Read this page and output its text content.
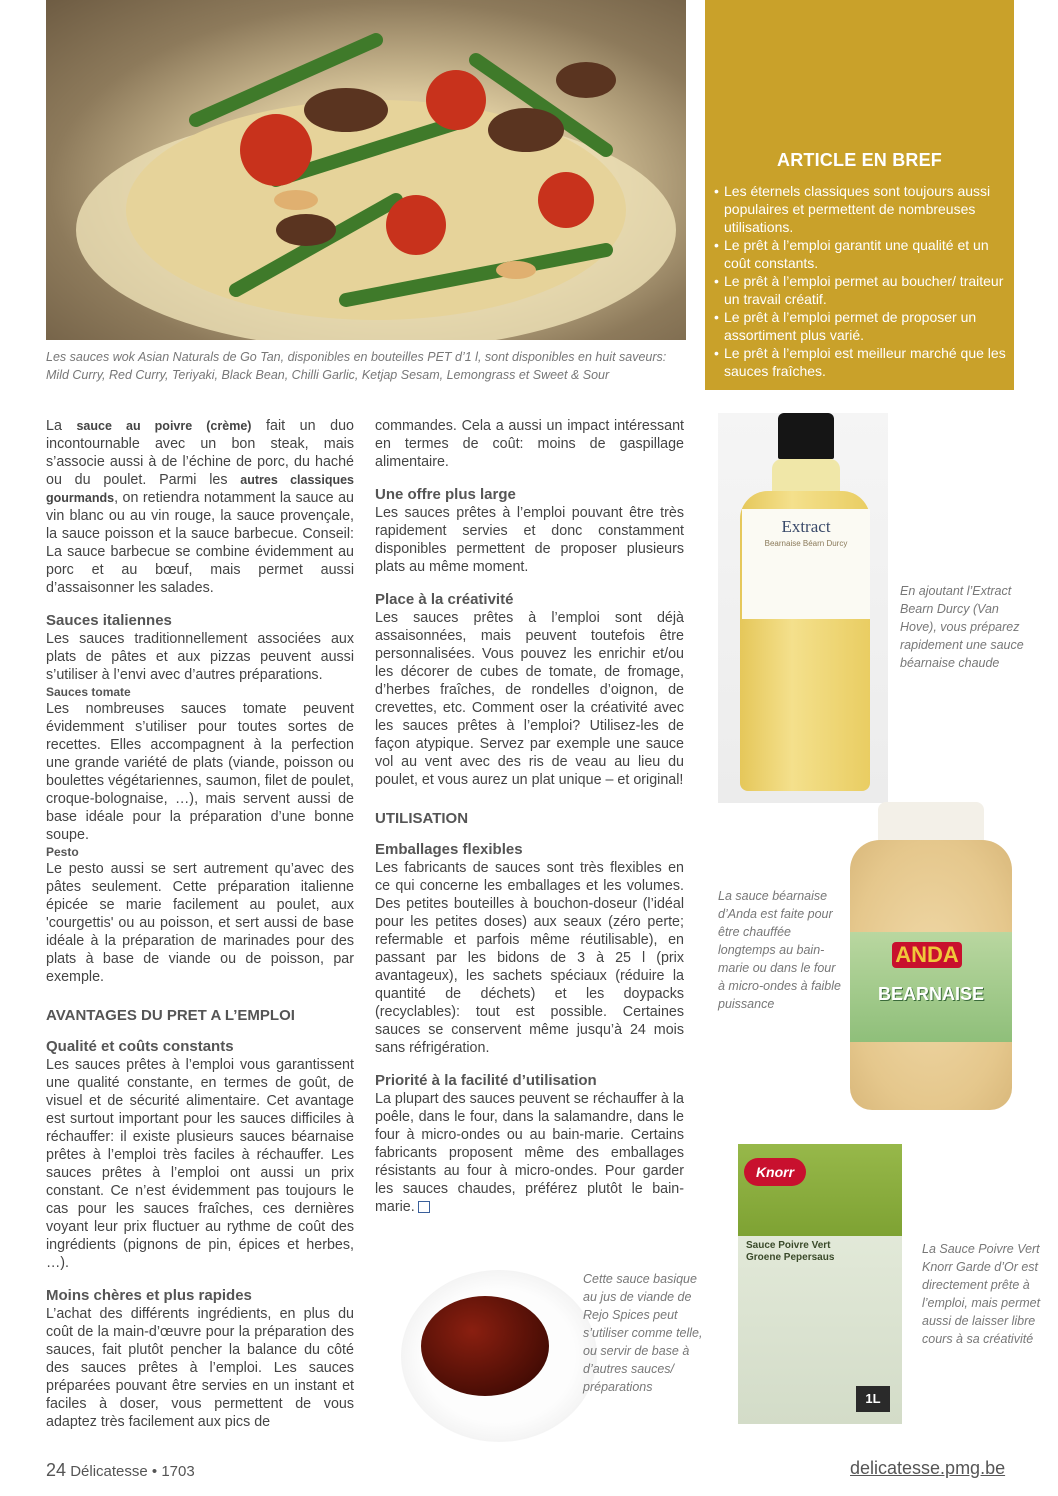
Les sauces wok Asian Naturals de Go Tan, disponibles en bouteilles PET d’1 l, sont disponibles en huit saveurs: Mild Curry, Red Curry, Teriyaki, Black Bean, Chilli Garlic, Ketjap Sesam, Lemongrass et Sweet & Sour
ARTICLE EN BREF
• Les éternels classiques sont toujours aussi populaires et permettent de nombreuses utilisations.
• Le prêt à l’emploi garantit une qualité et un coût constants.
• Le prêt à l’emploi permet au boucher/ traiteur un travail créatif.
• Le prêt à l’emploi permet de proposer un assortiment plus varié.
• Le prêt à l’emploi est meilleur marché que les sauces fraîches.

La sauce au poivre (crème) fait un duo incontournable avec un bon steak, mais s’associe aussi à de l’échine de porc, du haché ou du poulet. Parmi les autres classiques gourmands, on retiendra notamment la sauce au vin blanc ou au vin rouge, la sauce provençale, la sauce poisson et la sauce barbecue. Conseil: La sauce barbecue se combine évidemment au porc et au bœuf, mais permet aussi d’assaisonner les salades.

Sauces italiennes

Les sauces traditionnellement associées aux plats de pâtes et aux pizzas peuvent aussi s’utiliser à l’envi avec d’autres préparations.

Sauces tomate

Les nombreuses sauces tomate peuvent évidemment s’utiliser pour toutes sortes de recettes. Elles accompagnent à la perfection une grande variété de plats (viande, poisson ou boulettes végétariennes, saumon, filet de poulet, croque-bolognaise, …), mais servent aussi de base idéale pour la préparation d’une bonne soupe.

Pesto

Le pesto aussi se sert autrement qu’avec des pâtes seulement. Cette préparation italienne épicée se marie facilement au poulet, aux 'courgettis' ou au poisson, et sert aussi de base idéale à la préparation de marinades pour des plats à base de viande ou de poisson, par exemple.

AVANTAGES DU PRET A L’EMPLOI
Qualité et coûts constants

Les sauces prêtes à l’emploi vous garantissent une qualité constante, en termes de goût, de visuel et de sécurité alimentaire. Cet avantage est surtout important pour les sauces difficiles à réchauffer: il existe plusieurs sauces béarnaise prêtes à l’emploi très faciles à réchauffer. Les sauces prêtes à l’emploi ont aussi un prix constant. Ce n’est évidemment pas toujours le cas pour les sauces fraîches, ces dernières voyant leur prix fluctuer au rythme de coût des ingrédients (pignons de pin, épices et herbes, …).

Moins chères et plus rapides

L’achat des différents ingrédients, en plus du coût de la main-d’œuvre pour la préparation des sauces, fait plutôt pencher la balance du côté des sauces prêtes à l’emploi. Les sauces préparées pouvant être servies en un instant et faciles à doser, vous permettent de vous adaptez très facilement aux pics de

commandes. Cela a aussi un impact intéressant en termes de coût: moins de gaspillage alimentaire.

Une offre plus large

Les sauces prêtes à l’emploi pouvant être très rapidement servies et donc constamment disponibles permettent de proposer plusieurs plats au même moment.

Place à la créativité

Les sauces prêtes à l’emploi sont déjà assaisonnées, mais peuvent toutefois être personnalisées. Vous pouvez les enrichir et/ou les décorer de cubes de tomate, de fromage, d’herbes fraîches, de rondelles d’oignon, de crevettes, etc. Comment oser la créativité avec les sauces prêtes à l’emploi? Utilisez-les de façon atypique. Servez par exemple une sauce vol au vent avec des ris de veau au lieu du poulet, et vous aurez un plat unique – et original!

UTILISATION
Emballages flexibles

Les fabricants de sauces sont très flexibles en ce qui concerne les emballages et les volumes. Des petites bouteilles à bouchon-doseur (l’idéal pour les petites doses) aux seaux (zéro perte; refermable et parfois même réutilisable), en passant par les bidons de 3 à 25 l (prix avantageux), les sachets spéciaux (réduire la quantité de déchets) et les doypacks (recyclables): tout est possible. Certaines sauces se conservent même jusqu’à 24 mois sans réfrigération.

Priorité à la facilité d’utilisation

La plupart des sauces peuvent se réchauffer à la poêle, dans le four, dans la salamandre, dans le four à micro-ondes ou au bain-marie. Certains fabricants proposent même des emballages résistants au four à micro-ondes. Pour garder les sauces chaudes, préférez plutôt le bain-marie.

Extract
Bearnaise Béarn Durcy
En ajoutant l’Extract Bearn Durcy (Van Hove), vous préparez rapidement une sauce béarnaise chaude
ANDA
BEARNAISE
La sauce béarnaise d’Anda est faite pour être chauffée longtemps au bain-marie ou dans le four à micro-ondes à faible puissance
Knorr
Sauce Poivre Vert Groene Pepersaus
1L
La Sauce Poivre Vert Knorr Garde d’Or est directement prête à l’emploi, mais permet aussi de laisser libre cours à sa créativité
Cette sauce basique au jus de viande de Rejo Spices peut s’utiliser comme telle, ou servir de base à d’autres sauces/ préparations
24 Délicatesse • 1703	delicatesse.pmg.be
